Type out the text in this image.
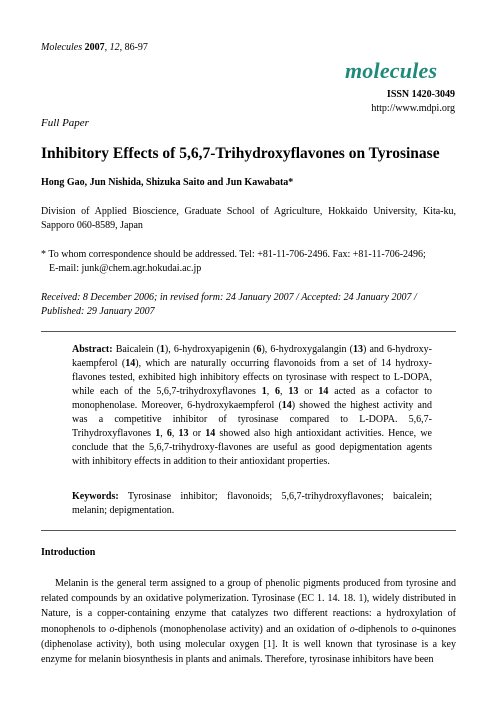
Molecules 2007, 12, 86-97
molecules
ISSN 1420-3049
http://www.mdpi.org
Full Paper
Inhibitory Effects of 5,6,7-Trihydroxyflavones on Tyrosinase
Hong Gao, Jun Nishida, Shizuka Saito and Jun Kawabata*
Division of Applied Bioscience, Graduate School of Agriculture, Hokkaido University, Kita-ku, Sapporo 060-8589, Japan
* To whom correspondence should be addressed. Tel: +81-11-706-2496. Fax: +81-11-706-2496;
E-mail: junk@chem.agr.hokudai.ac.jp
Received: 8 December 2006; in revised form: 24 January 2007 / Accepted: 24 January 2007 / Published: 29 January 2007
Abstract: Baicalein (1), 6-hydroxyapigenin (6), 6-hydroxygalangin (13) and 6-hydroxy-kaempferol (14), which are naturally occurring flavonoids from a set of 14 hydroxy-flavones tested, exhibited high inhibitory effects on tyrosinase with respect to L-DOPA, while each of the 5,6,7-trihydroxyflavones 1, 6, 13 or 14 acted as a cofactor to monophenolase. Moreover, 6-hydroxykaempferol (14) showed the highest activity and was a competitive inhibitor of tyrosinase compared to L-DOPA. 5,6,7-Trihydroxyflavones 1, 6, 13 or 14 showed also high antioxidant activities. Hence, we conclude that the 5,6,7-trihydroxy-flavones are useful as good depigmentation agents with inhibitory effects in addition to their antioxidant properties.
Keywords: Tyrosinase inhibitor; flavonoids; 5,6,7-trihydroxyflavones; baicalein; melanin; depigmentation.
Introduction
Melanin is the general term assigned to a group of phenolic pigments produced from tyrosine and related compounds by an oxidative polymerization. Tyrosinase (EC 1. 14. 18. 1), widely distributed in Nature, is a copper-containing enzyme that catalyzes two different reactions: a hydroxylation of monophenols to o-diphenols (monophenolase activity) and an oxidation of o-diphenols to o-quinones (diphenolase activity), both using molecular oxygen [1]. It is well known that tyrosinase is a key enzyme for melanin biosynthesis in plants and animals. Therefore, tyrosinase inhibitors have been
